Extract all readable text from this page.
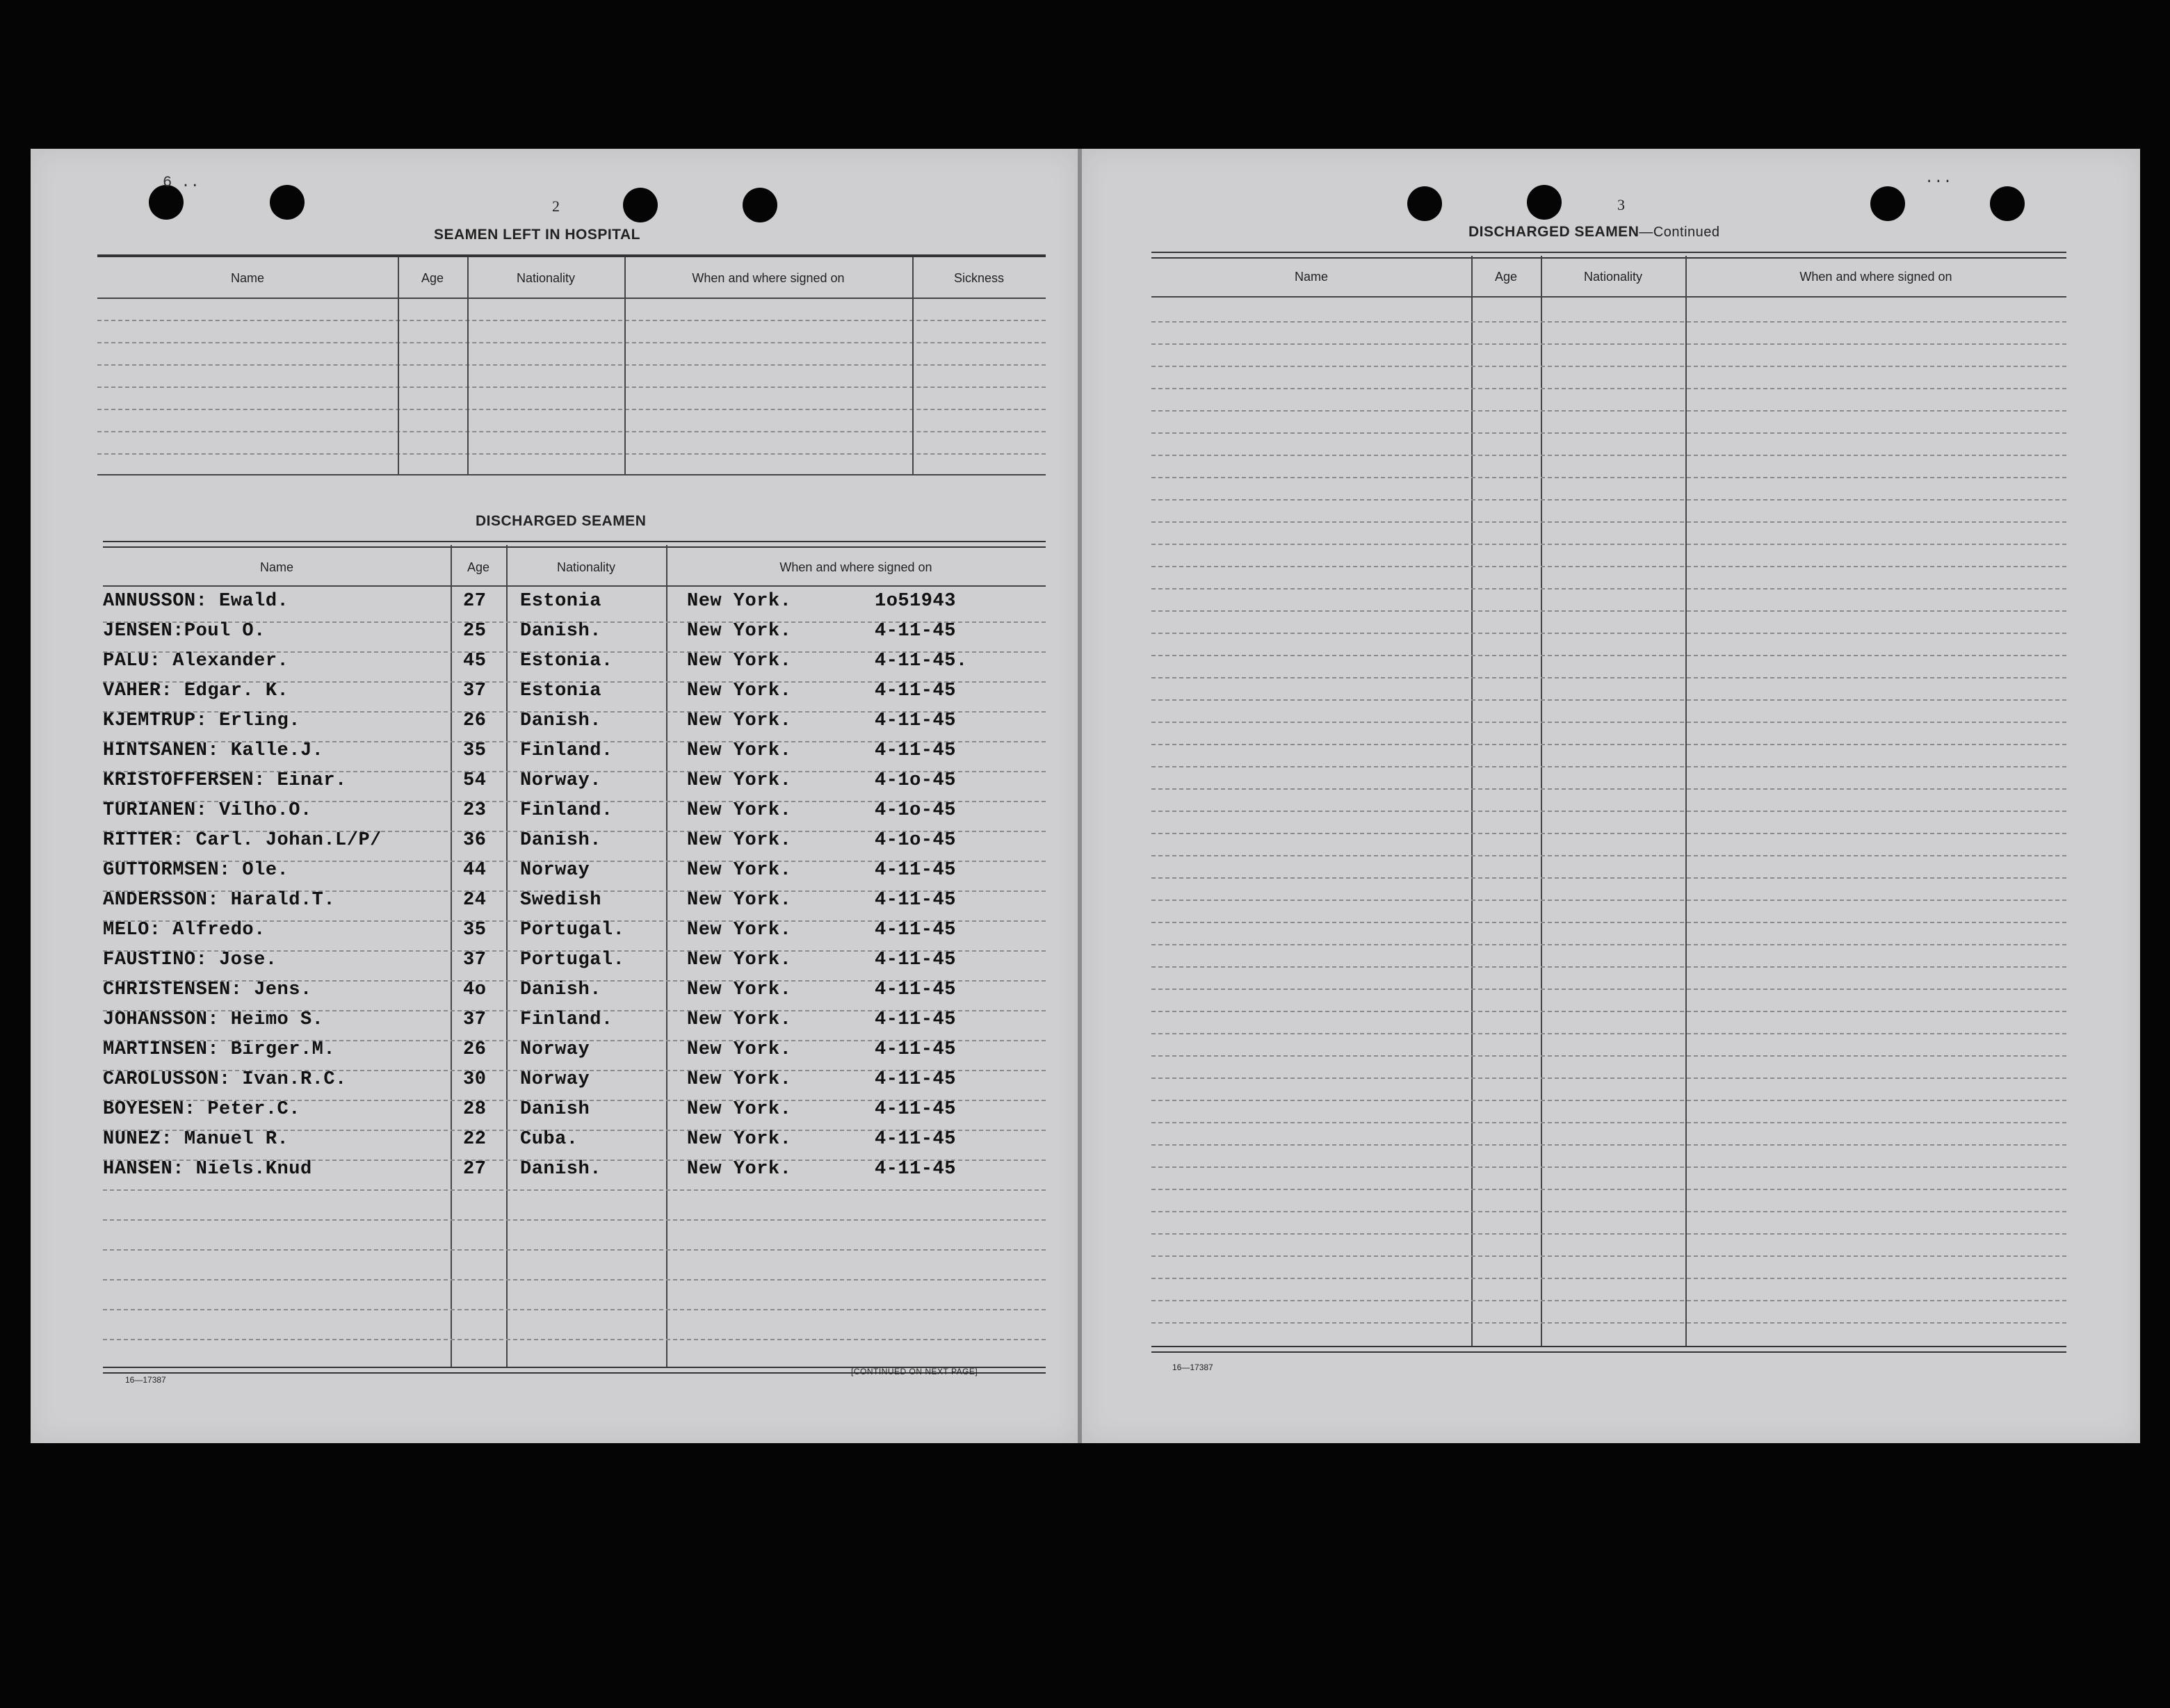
6 ..
2
SEAMEN LEFT IN HOSPITAL
Name	Age	Nationality	When and where signed on	Sickness
DISCHARGED SEAMEN
Name	Age	Nationality	When and where signed on
ANNUSSON: Ewald.	27 Estonia	New York.	1o51943
JENSEN:Poul O.	25 Danish.	New York.	4-11-45
PALU: Alexander.	45 Estonia.	New York.	4-11-45.
VAHER: Edgar. K.	37 Estonia	New York.	4-11-45
KJEMTRUP: Erling.	26 Danish.	New York.	4-11-45
HINTSANEN: Kalle.J.	35 Finland.	New York.	4-11-45
KRISTOFFERSEN: Einar.	54 Norway.	New York.	4-1o-45
TURIANEN: Vilho.O.	23 Finland.	New York.	4-1o-45
RITTER: Carl. Johan.L/P/	36 Danish.	New York.	4-1o-45
GUTTORMSEN: Ole.	44 Norway	New York.	4-11-45
ANDERSSON: Harald.T.	24 Swedish	New York.	4-11-45
MELO: Alfredo.	35 Portugal.	New York.	4-11-45
FAUSTINO: Jose.	37 Portugal.	New York.	4-11-45
CHRISTENSEN: Jens.	4o Danish.	New York.	4-11-45
JOHANSSON: Heimo S.	37 Finland.	New York.	4-11-45
MARTINSEN: Birger.M.	26 Norway	New York.	4-11-45
CAROLUSSON: Ivan.R.C.	30 Norway	New York.	4-11-45
BOYESEN: Peter.C.	28 Danish	New York.	4-11-45
NUNEZ: Manuel R.	22 Cuba.	New York.	4-11-45
HANSEN: Niels.Knud	27 Danish.	New York.	4-11-45
16—17387
[CONTINUED ON NEXT PAGE]
...
3
DISCHARGED SEAMEN—Continued
Name	Age	Nationality	When and where signed on
16—17387
